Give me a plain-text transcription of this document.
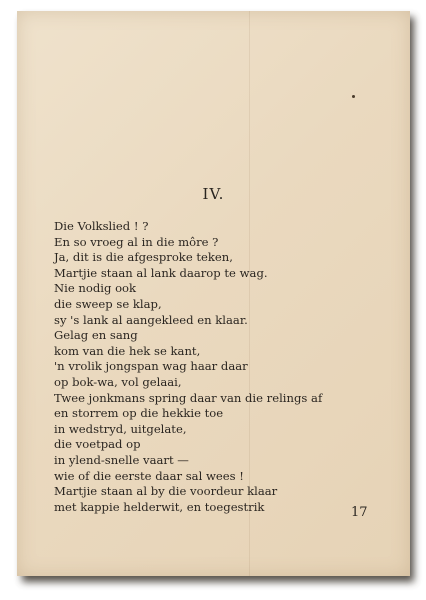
IV.
Die Volkslied ! ?
En so vroeg al in die môre ?
Ja, dit is die afgesproke teken,
Martjie staan al lank daarop te wag.
Nie nodig ook
die sweep se klap,
sy 's lank al aangekleed en klaar.
Gelag en sang
kom van die hek se kant,
'n vrolik jongspan wag haar daar
op bok-wa, vol gelaai,
Twee jonkmans spring daar van die relings af
en storrem op die hekkie toe
in wedstryd, uitgelate,
die voetpad op
in ylend-snelle vaart —
wie of die eerste daar sal wees !
Martjie staan al by die voordeur klaar
met kappie helderwit, en toegestrik	17
